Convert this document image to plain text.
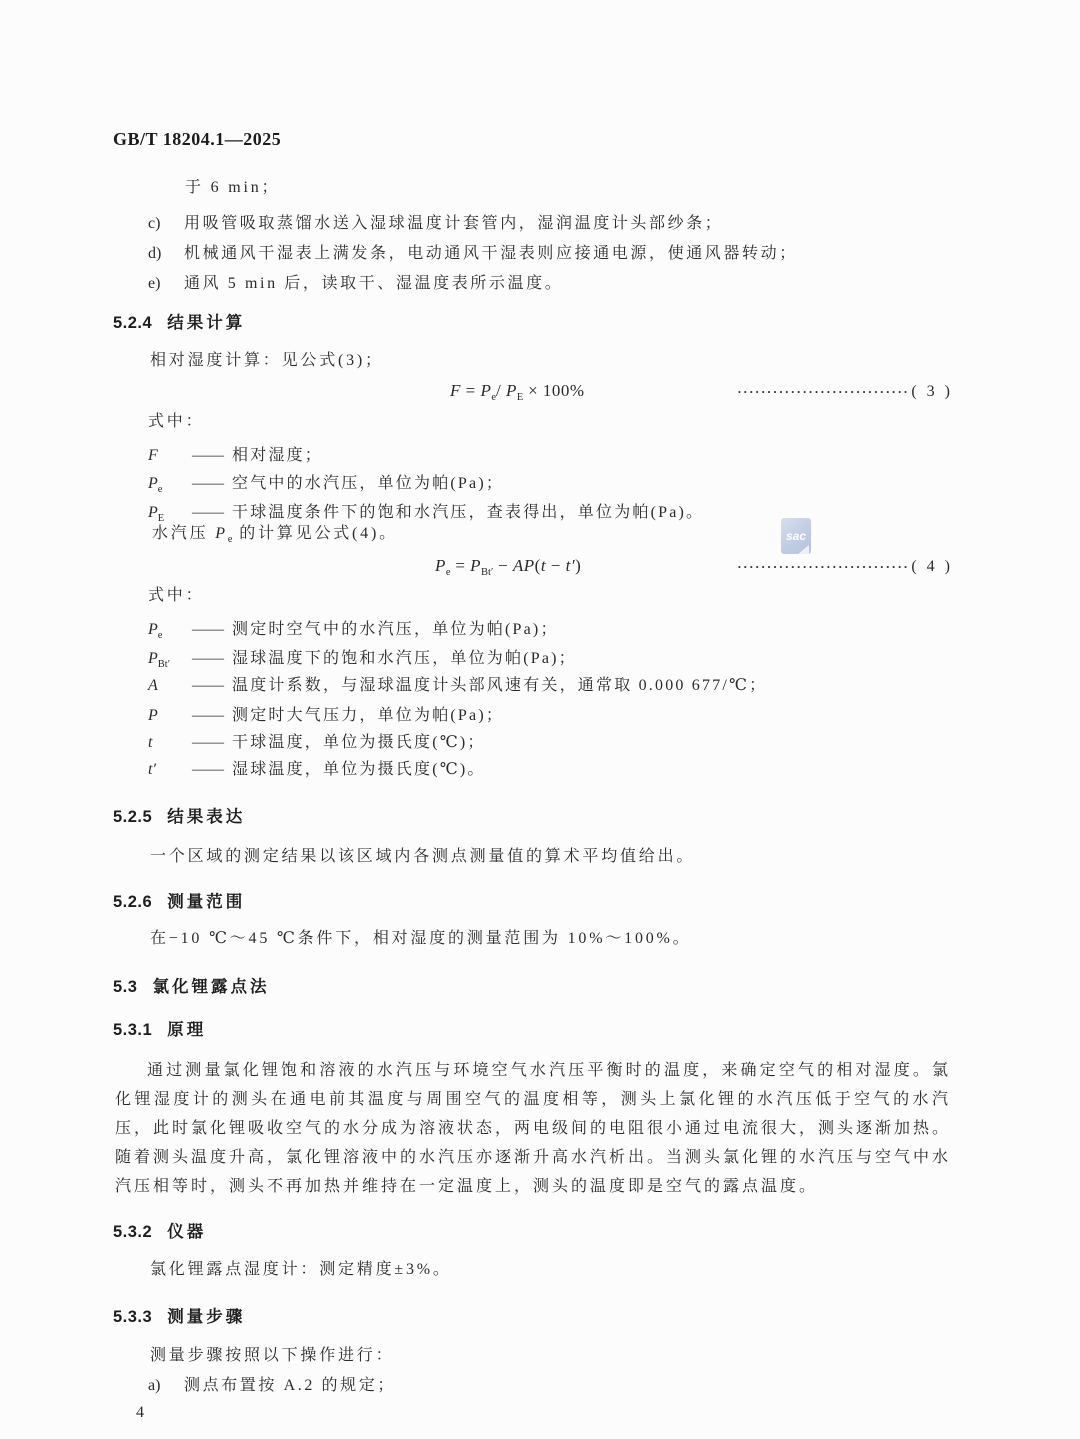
sac
GB/T 18204.1—2025
于 6 min；
c) 用吸管吸取蒸馏水送入湿球温度计套管内，湿润温度计头部纱条；
d) 机械通风干湿表上满发条，电动通风干湿表则应接通电源，使通风器转动；
e) 通风 5 min 后，读取干、湿温度表所示温度。
5.2.4 结果计算
相对湿度计算：见公式(3)；
$F = P_e/$ $P_E \times 100\%$	····························· ( 3 )
式中：
F —— 相对湿度；
$P_e$ —— 空气中的水汽压，单位为帕(Pa)；
$P_E$ —— 干球温度条件下的饱和水汽压，查表得出，单位为帕(Pa)。
水汽压 $P_e$ 的计算见公式(4)。
$P_e = P_{Bt'} - AP(t - t')$	····························· ( 4 )
式中：
$P_e$ —— 测定时空气中的水汽压，单位为帕(Pa)；
$P_{Bt'}$ —— 湿球温度下的饱和水汽压，单位为帕(Pa)；
A —— 温度计系数，与湿球温度计头部风速有关，通常取 0.000 677/℃；
P —— 测定时大气压力，单位为帕(Pa)；
t —— 干球温度，单位为摄氏度(℃)；
t′ —— 湿球温度，单位为摄氏度(℃)。
5.2.5 结果表达
一个区域的测定结果以该区域内各测点测量值的算术平均值给出。
5.2.6 测量范围
在−10 ℃～45 ℃条件下，相对湿度的测量范围为 10%～100%。
5.3 氯化锂露点法
5.3.1 原理
通过测量氯化锂饱和溶液的水汽压与环境空气水汽压平衡时的温度，来确定空气的相对湿度。氯化锂湿度计的测头在通电前其温度与周围空气的温度相等，测头上氯化锂的水汽压低于空气的水汽压，此时氯化锂吸收空气的水分成为溶液状态，两电级间的电阻很小通过电流很大，测头逐渐加热。随着测头温度升高，氯化锂溶液中的水汽压亦逐渐升高水汽析出。当测头氯化锂的水汽压与空气中水汽压相等时，测头不再加热并维持在一定温度上，测头的温度即是空气的露点温度。
5.3.2 仪器
氯化锂露点湿度计：测定精度±3%。
5.3.3 测量步骤
测量步骤按照以下操作进行：
a) 测点布置按 A.2 的规定；
4
